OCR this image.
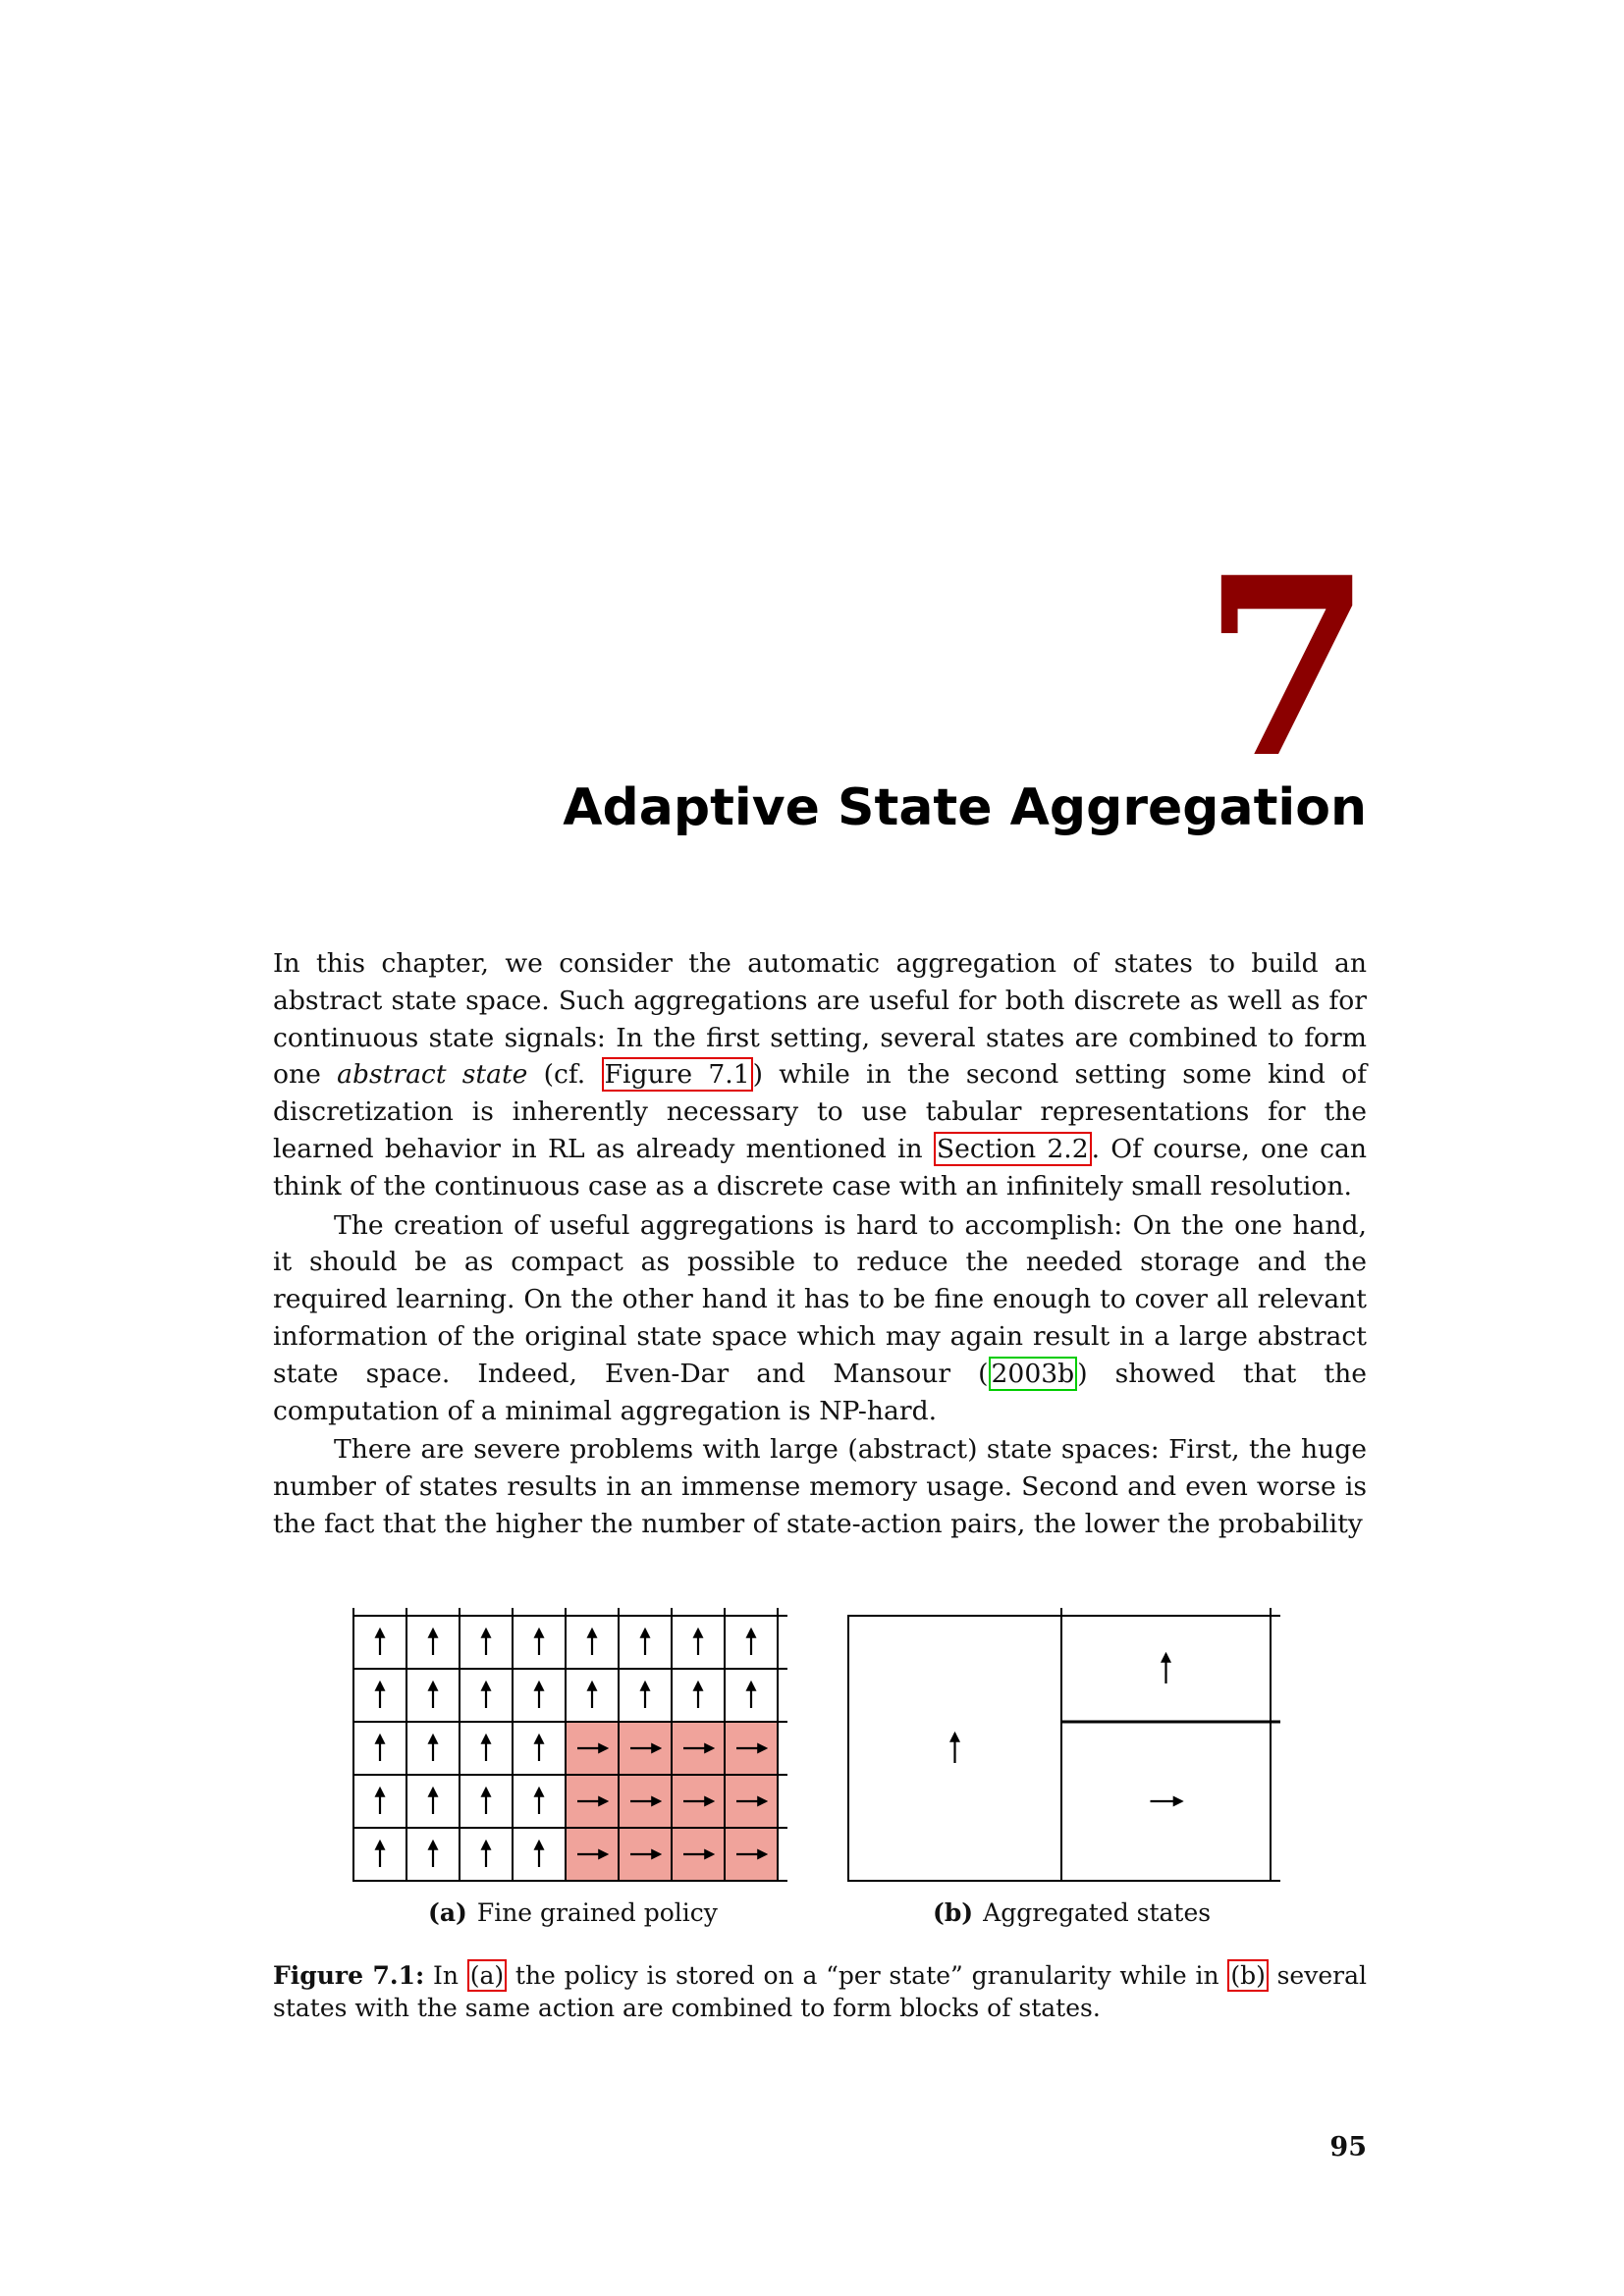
7
Adaptive State Aggregation

In this chapter, we consider the automatic aggregation of states to build an abstract state space. Such aggregations are useful for both discrete as well as for continuous state signals: In the first setting, several states are combined to form one abstract state (cf. Figure 7.1 ) while in the second setting some kind of discretization is inherently necessary to use tabular representations for the learned behavior in RL as already mentioned in Section 2.2 . Of course, one can think of the continuous case as a discrete case with an infinitely small resolution.

The creation of useful aggregations is hard to accomplish: On the one hand, it should be as compact as possible to reduce the needed storage and the required learning. On the other hand it has to be fine enough to cover all relevant information of the original state space which may again result in a large abstract state space. Indeed, Even-Dar and Mansour ( 2003b ) showed that the computation of a minimal aggregation is NP-hard.

There are severe problems with large (abstract) state spaces: First, the huge number of states results in an immense memory usage. Second and even worse is the fact that the higher the number of state-action pairs, the lower the probability

(a) Fine grained policy	(b) Aggregated states
Figure 7.1: In (a) the policy is stored on a “per state” granularity while in (b) several states with the same action are combined to form blocks of states.
95
